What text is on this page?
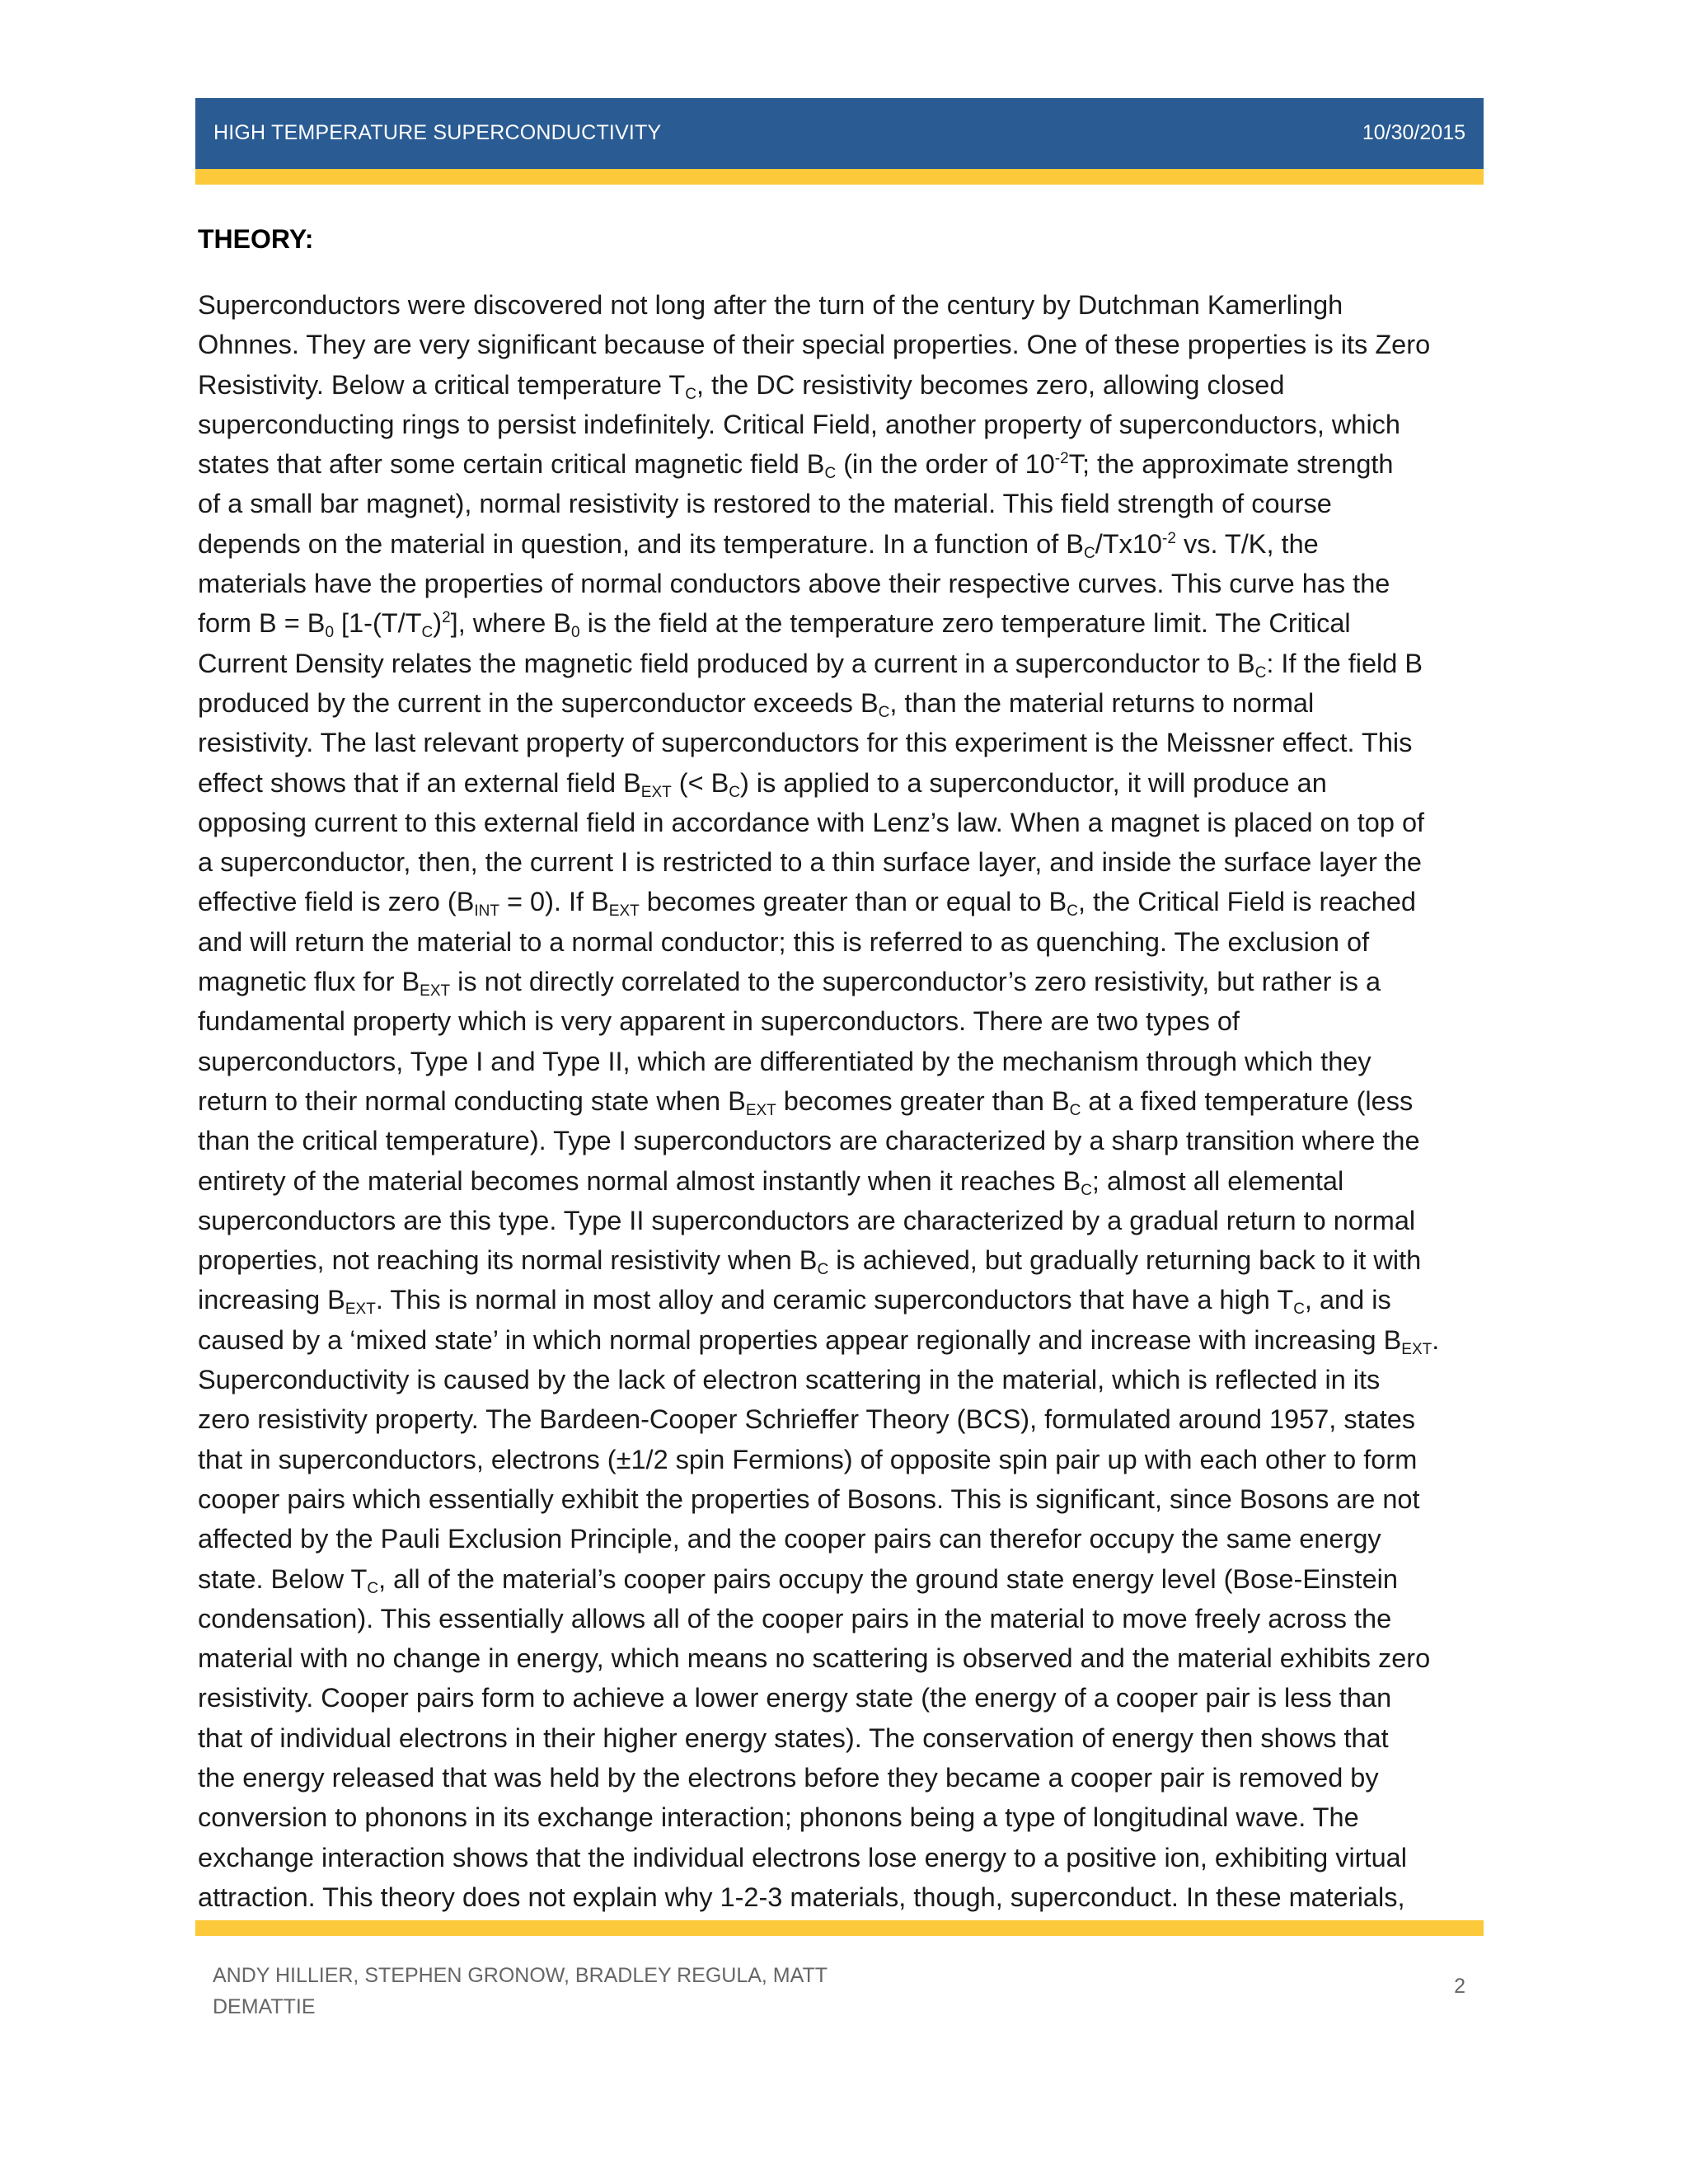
HIGH TEMPERATURE SUPERCONDUCTIVITY	10/30/2015
THEORY:
Superconductors were discovered not long after the turn of the century by Dutchman Kamerlingh
Ohnnes. They are very significant because of their special properties. One of these properties is its Zero
Resistivity. Below a critical temperature $T_C$, the DC resistivity becomes zero, allowing closed
superconducting rings to persist indefinitely. Critical Field, another property of superconductors, which
states that after some certain critical magnetic field $B_C$ (in the order of $10^{-2}T$; the approximate strength
of a small bar magnet), normal resistivity is restored to the material. This field strength of course
depends on the material in question, and its temperature. In a function of $B_C/Tx10^{-2}$ vs. T/K, the
materials have the properties of normal conductors above their respective curves. This curve has the
form $B = B_0$ $[1-(T/T_C)^2]$, where $B_0$ is the field at the temperature zero temperature limit. The Critical
Current Density relates the magnetic field produced by a current in a superconductor to $B_C$: If the field B
produced by the current in the superconductor exceeds $B_C$, than the material returns to normal
resistivity. The last relevant property of superconductors for this experiment is the Meissner effect. This
effect shows that if an external field $B_{EXT}$ (< $B_C$) is applied to a superconductor, it will produce an
opposing current to this external field in accordance with Lenz’s law. When a magnet is placed on top of
a superconductor, then, the current I is restricted to a thin surface layer, and inside the surface layer the
effective field is zero $(B_{INT} = 0)$. If $B_{EXT}$ becomes greater than or equal to $B_C$, the Critical Field is reached
and will return the material to a normal conductor; this is referred to as quenching. The exclusion of
magnetic flux for $B_{EXT}$ is not directly correlated to the superconductor’s zero resistivity, but rather is a
fundamental property which is very apparent in superconductors. There are two types of
superconductors, Type I and Type II, which are differentiated by the mechanism through which they
return to their normal conducting state when $B_{EXT}$ becomes greater than $B_C$ at a fixed temperature (less
than the critical temperature). Type I superconductors are characterized by a sharp transition where the
entirety of the material becomes normal almost instantly when it reaches $B_C$; almost all elemental
superconductors are this type. Type II superconductors are characterized by a gradual return to normal
properties, not reaching its normal resistivity when $B_C$ is achieved, but gradually returning back to it with
increasing $B_{EXT}$. This is normal in most alloy and ceramic superconductors that have a high $T_C$, and is
caused by a ‘mixed state’ in which normal properties appear regionally and increase with increasing $B_{EXT}$.
Superconductivity is caused by the lack of electron scattering in the material, which is reflected in its
zero resistivity property. The Bardeen-Cooper Schrieffer Theory (BCS), formulated around 1957, states
that in superconductors, electrons (±1/2 spin Fermions) of opposite spin pair up with each other to form
cooper pairs which essentially exhibit the properties of Bosons. This is significant, since Bosons are not
affected by the Pauli Exclusion Principle, and the cooper pairs can therefor occupy the same energy
state. Below $T_C$, all of the material’s cooper pairs occupy the ground state energy level (Bose-Einstein
condensation). This essentially allows all of the cooper pairs in the material to move freely across the
material with no change in energy, which means no scattering is observed and the material exhibits zero
resistivity. Cooper pairs form to achieve a lower energy state (the energy of a cooper pair is less than
that of individual electrons in their higher energy states). The conservation of energy then shows that
the energy released that was held by the electrons before they became a cooper pair is removed by
conversion to phonons in its exchange interaction; phonons being a type of longitudinal wave. The
exchange interaction shows that the individual electrons lose energy to a positive ion, exhibiting virtual
attraction. This theory does not explain why 1-2-3 materials, though, superconduct. In these materials,
ANDY HILLIER, STEPHEN GRONOW, BRADLEY REGULA, MATT DEMATTIE
2
